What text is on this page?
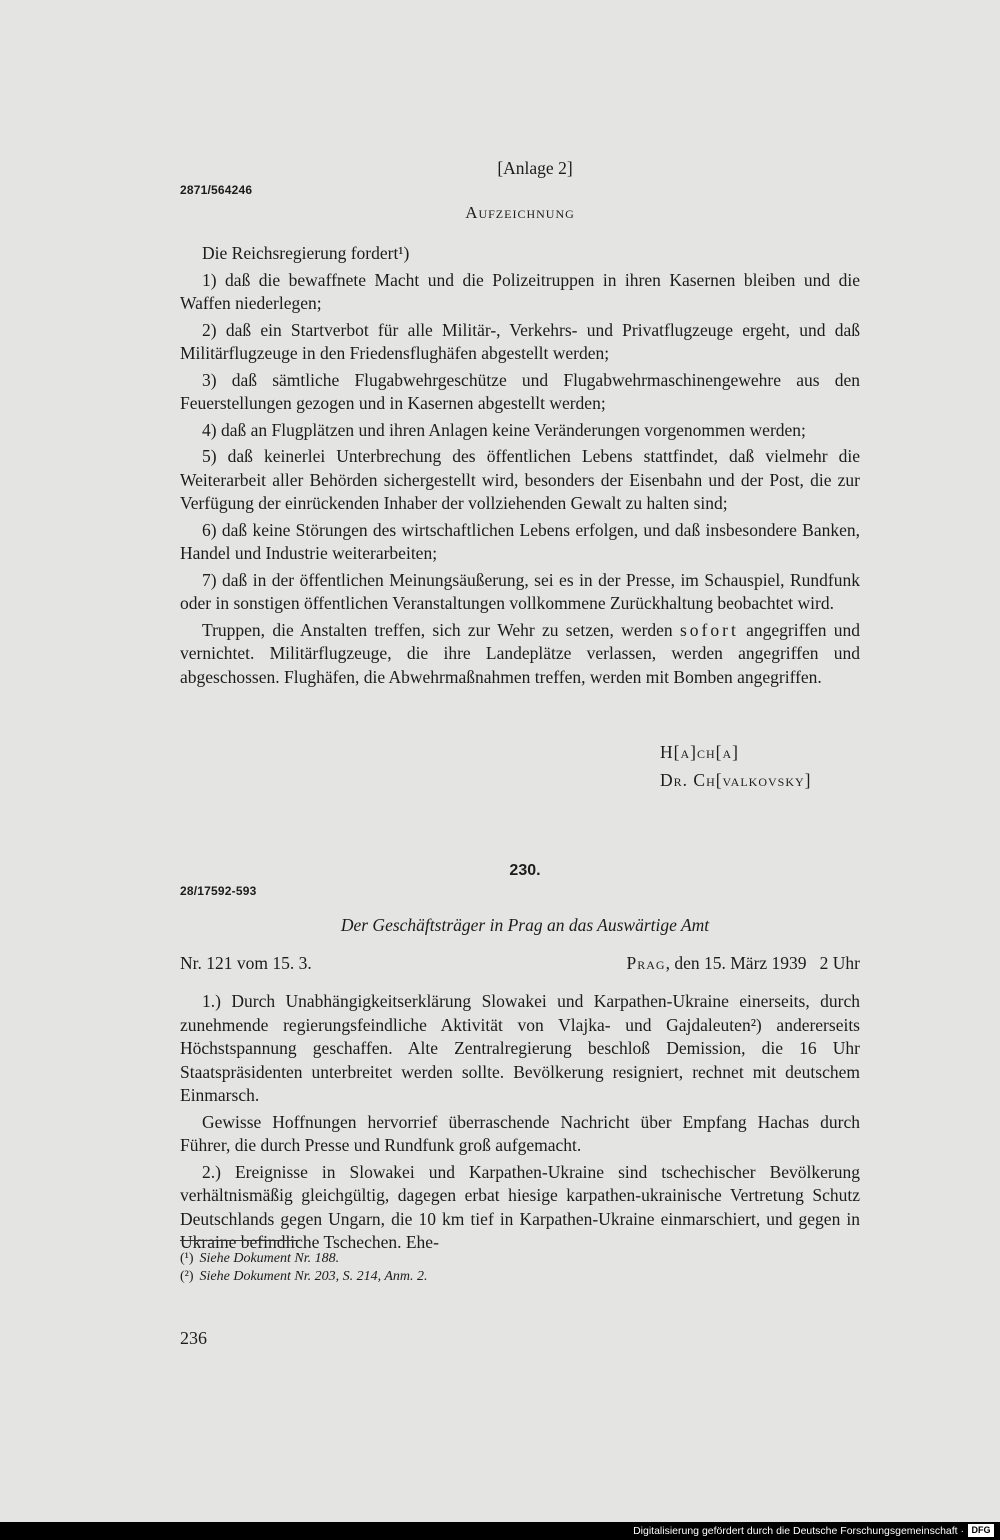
[Anlage 2]
2871/564246
Aufzeichnung

Die Reichsregierung fordert¹)

1) daß die bewaffnete Macht und die Polizeitruppen in ihren Kasernen bleiben und die Waffen niederlegen;

2) daß ein Startverbot für alle Militär-, Verkehrs- und Privatflugzeuge ergeht, und daß Militärflugzeuge in den Friedensflughäfen abgestellt werden;

3) daß sämtliche Flugabwehrgeschütze und Flugabwehrmaschinengewehre aus den Feuerstellungen gezogen und in Kasernen abgestellt werden;

4) daß an Flugplätzen und ihren Anlagen keine Veränderungen vorgenommen werden;

5) daß keinerlei Unterbrechung des öffentlichen Lebens stattfindet, daß vielmehr die Weiterarbeit aller Behörden sichergestellt wird, besonders der Eisenbahn und der Post, die zur Verfügung der einrückenden Inhaber der vollziehenden Gewalt zu halten sind;

6) daß keine Störungen des wirtschaftlichen Lebens erfolgen, und daß insbesondere Banken, Handel und Industrie weiterarbeiten;

7) daß in der öffentlichen Meinungsäußerung, sei es in der Presse, im Schauspiel, Rundfunk oder in sonstigen öffentlichen Veranstaltungen vollkommene Zurückhaltung beobachtet wird.

Truppen, die Anstalten treffen, sich zur Wehr zu setzen, werden sofort angegriffen und vernichtet. Militärflugzeuge, die ihre Landeplätze verlassen, werden angegriffen und abgeschossen. Flughäfen, die Abwehrmaßnahmen treffen, werden mit Bomben angegriffen.

H[a]ch[a]
Dr. Ch[valkovsky]
230.
28/17592-593
Der Geschäftsträger in Prag an das Auswärtige Amt
Nr. 121 vom 15. 3.	Prag, den 15. März 1939   2 Uhr

1.) Durch Unabhängigkeitserklärung Slowakei und Karpathen-Ukraine einerseits, durch zunehmende regierungsfeindliche Aktivität von Vlajka- und Gajdaleuten²) andererseits Höchstspannung geschaffen. Alte Zentralregierung beschloß Demission, die 16 Uhr Staatspräsidenten unterbreitet werden sollte. Bevölkerung resigniert, rechnet mit deutschem Einmarsch.

Gewisse Hoffnungen hervorrief überraschende Nachricht über Empfang Hachas durch Führer, die durch Presse und Rundfunk groß aufgemacht.

2.) Ereignisse in Slowakei und Karpathen-Ukraine sind tschechischer Bevölkerung verhältnismäßig gleichgültig, dagegen erbat hiesige karpathen-ukrainische Vertretung Schutz Deutschlands gegen Ungarn, die 10 km tief in Karpathen-Ukraine einmarschiert, und gegen in Ukraine befindliche Tschechen. Ehe-

(¹) Siehe Dokument Nr. 188.
(²) Siehe Dokument Nr. 203, S. 214, Anm. 2.
236
Digitalisierung gefördert durch die Deutsche Forschungsgemeinschaft · DFG
